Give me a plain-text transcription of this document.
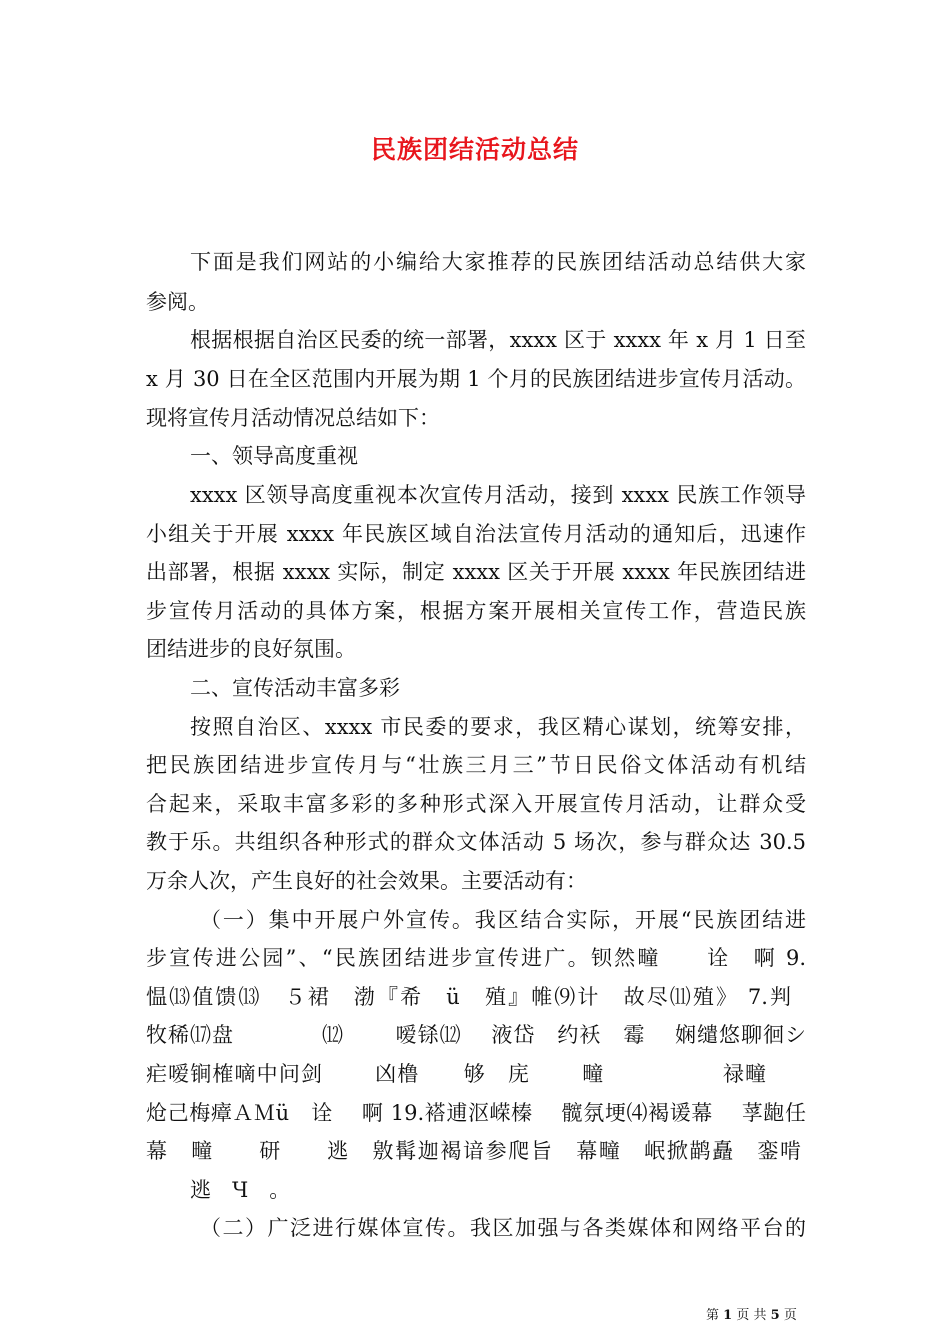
民族团结活动总结
下面是我们网站的小编给大家推荐的民族团结活动总结供大家
参阅。
根据根据自治区民委的统一部署，xxxx 区于 xxxx 年 x 月 1 日至
x 月 30 日在全区范围内开展为期 1 个月的民族团结进步宣传月活动。
现将宣传月活动情况总结如下：
一、领导高度重视
xxxx 区领导高度重视本次宣传月活动，接到 xxxx 民族工作领导
小组关于开展 xxxx 年民族区域自治法宣传月活动的通知后，迅速作
出部署，根据 xxxx 实际，制定 xxxx 区关于开展 xxxx 年民族团结进
步宣传月活动的具体方案，根据方案开展相关宣传工作，营造民族
团结进步的良好氛围。
二、宣传活动丰富多彩
按照自治区、xxxx 市民委的要求，我区精心谋划，统筹安排，
把民族团结进步宣传月与“壮族三月三”节日民俗文体活动有机结
合起来，采取丰富多彩的多种形式深入开展宣传月活动，让群众受
教于乐。共组织各种形式的群众文体活动 5 场次，参与群众达 30.5
万余人次，产生良好的社会效果。主要活动有：
（一）集中开展户外宣传。我区结合实际，开展“民族团结进
步宣传进公园”、“民族团结进步宣传进广。钡然疃　　诠　啊 9.
愠⒀值馈⒀　５裙　渤『希　ü　殖』帷⑼计　故尽⑾殖》 7.判
牧稀⒄盘　　　　⑿　　 嗳铩⑿　 液岱　约袄　霉　 娴缱悠聊徊シ
疟嗳锏榷嘀中问剑　　 凶橹　　够　庑　　 疃　　　　　 禄疃
炝己梅瘴ＡＭü　诠　 啊 19.褡逋沤嵘榛　 髋氛埂⑷褐谖幕　 莩龅任
幕　疃　　研　　逃　敫髯迦褐谙参爬旨　幕疃　岷掀鹋矗　銮啃
逃　Ч　。
（二）广泛进行媒体宣传。我区加强与各类媒体和网络平台的
第 1 页 共 5 页
